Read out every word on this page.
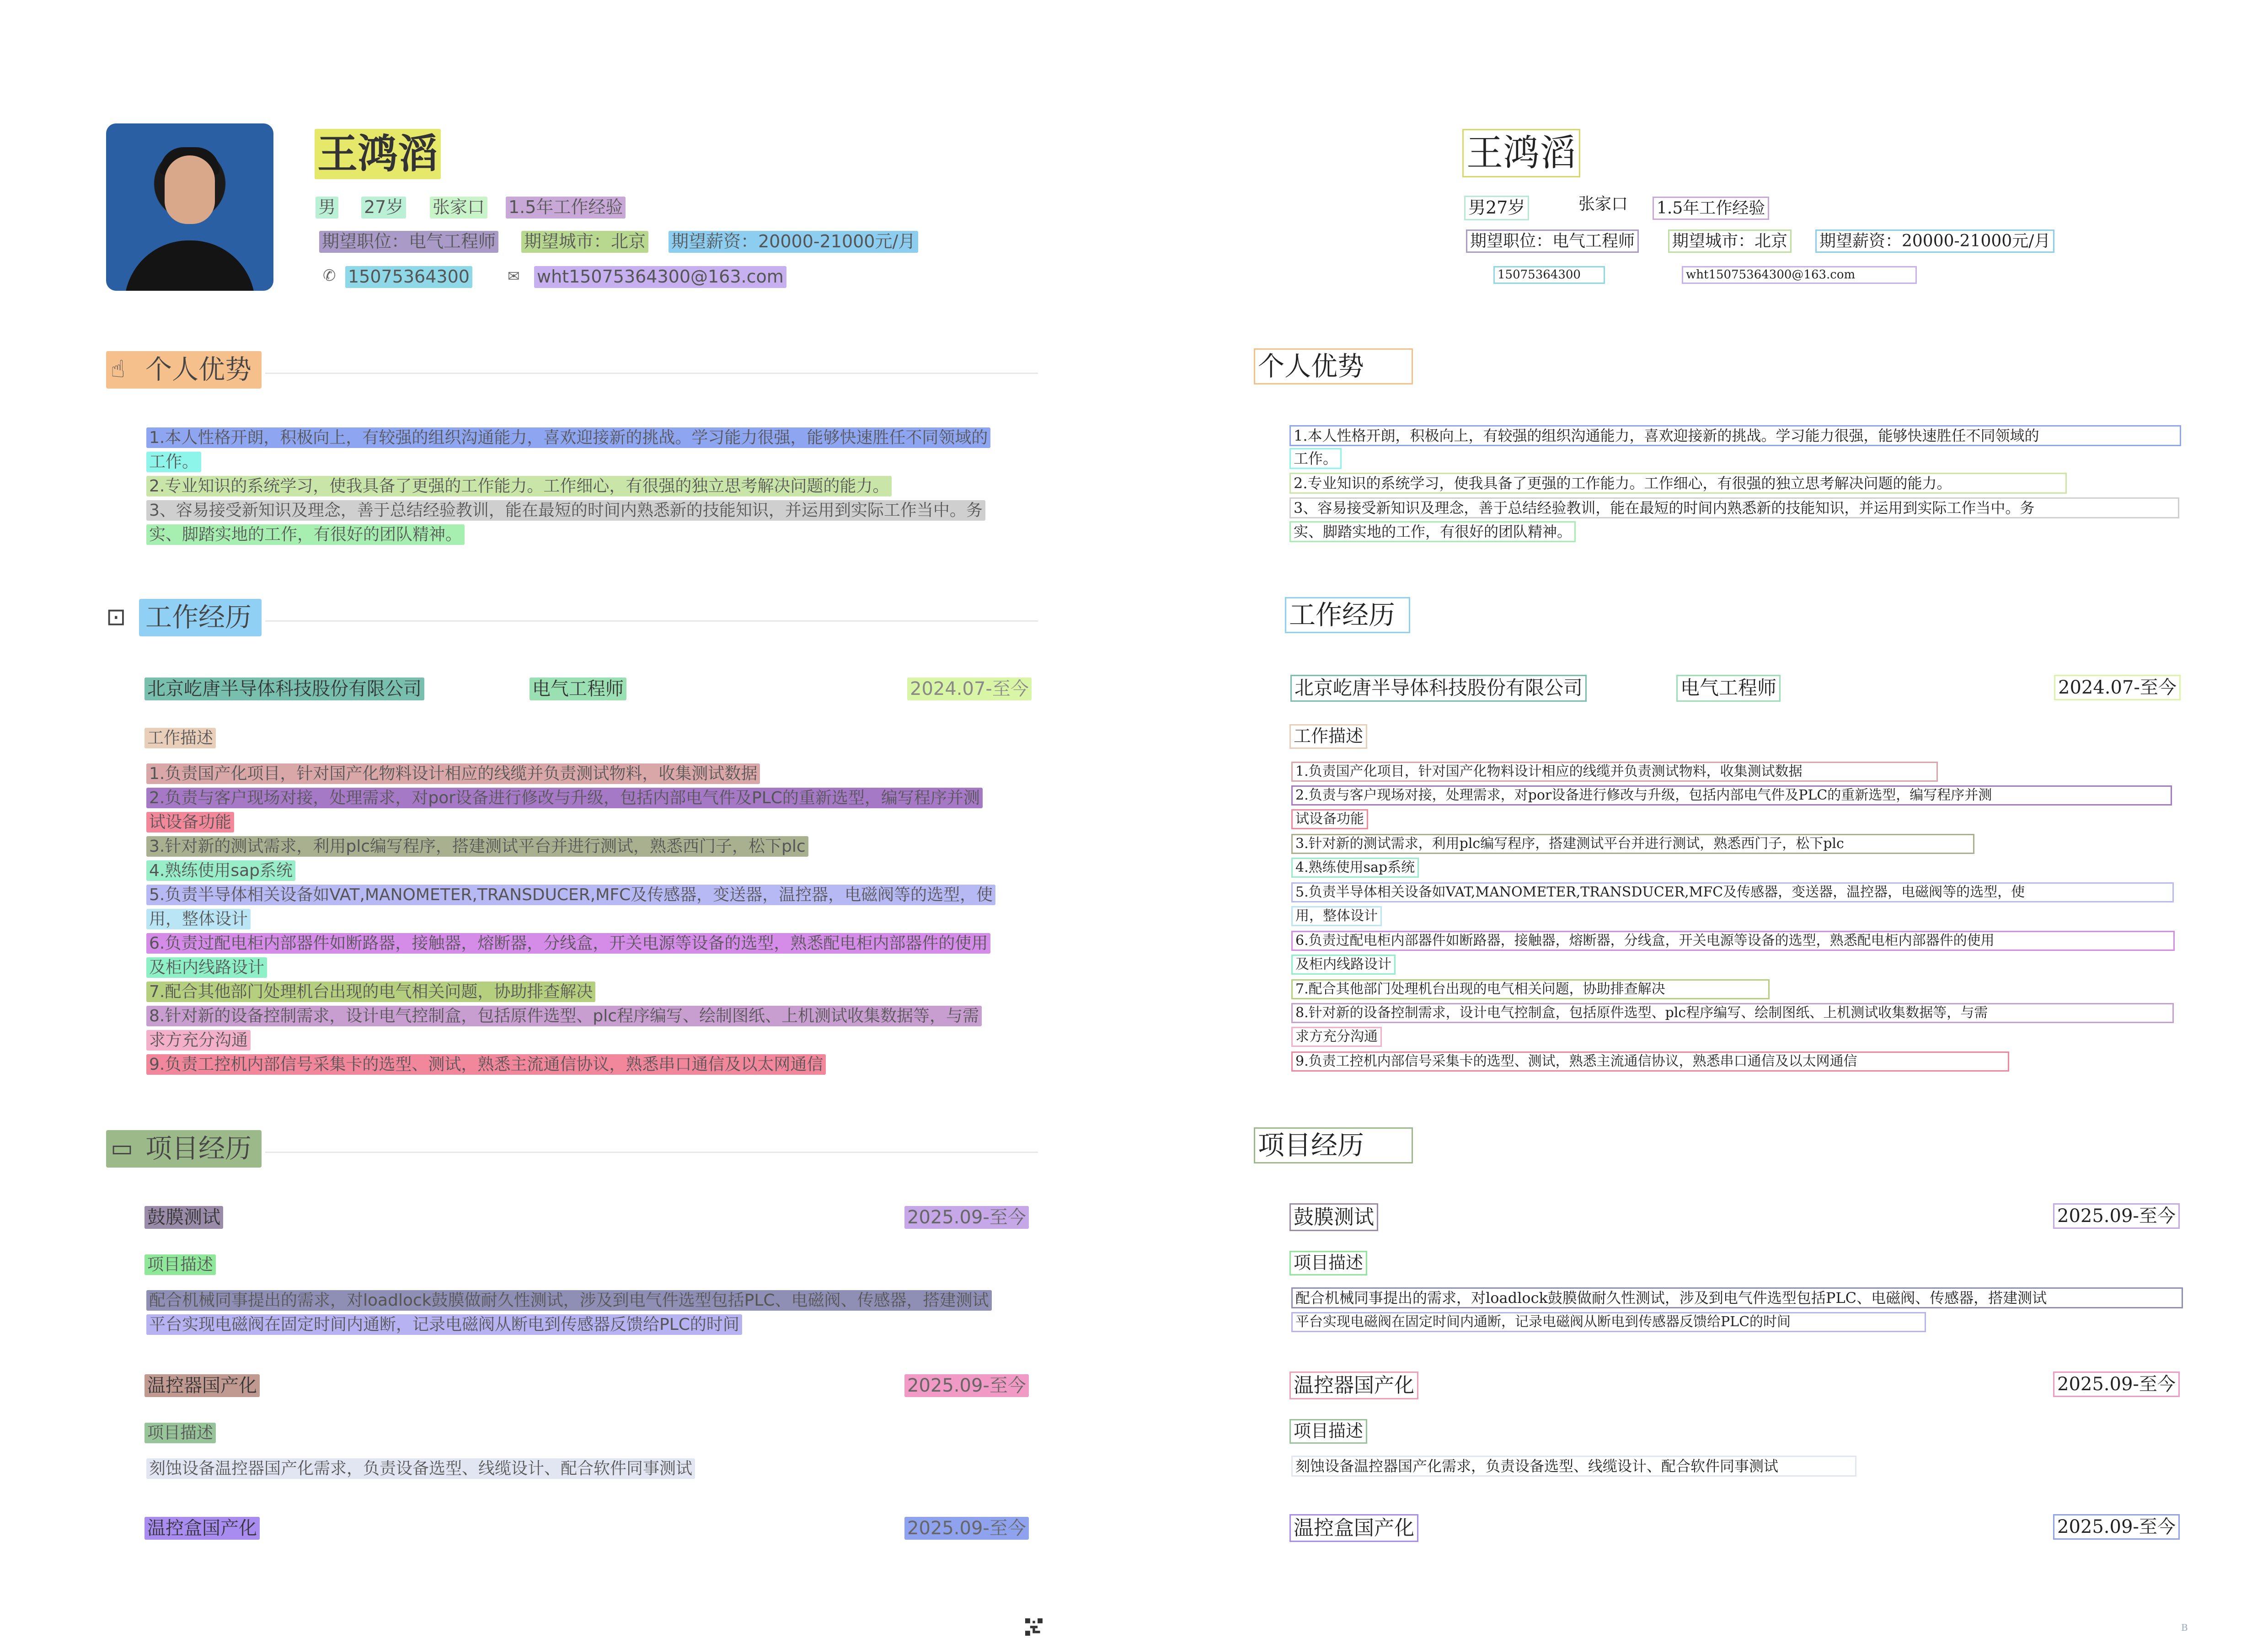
王鸿滔
男 27岁 张家口 1.5年工作经验
期望职位：电气工程师 期望城市：北京 期望薪资：20000-21000元/月
✆ 15075364300	✉ wht15075364300@163.com
☝ 个人优势
1.本人性格开朗，积极向上，有较强的组织沟通能力，喜欢迎接新的挑战。学习能力很强，能够快速胜任不同领域的
工作。
2.专业知识的系统学习，使我具备了更强的工作能力。工作细心，有很强的独立思考解决问题的能力。
3、容易接受新知识及理念，善于总结经验教训，能在最短的时间内熟悉新的技能知识，并运用到实际工作当中。务
实、脚踏实地的工作，有很好的团队精神。
⊡ 工作经历
北京屹唐半导体科技股份有限公司	电气工程师	2024.07-至今
工作描述
1.负责国产化项目，针对国产化物料设计相应的线缆并负责测试物料，收集测试数据
2.负责与客户现场对接，处理需求，对por设备进行修改与升级，包括内部电气件及PLC的重新选型，编写程序并测
试设备功能
3.针对新的测试需求，利用plc编写程序，搭建测试平台并进行测试，熟悉西门子，松下plc
4.熟练使用sap系统
5.负责半导体相关设备如VAT,MANOMETER,TRANSDUCER,MFC及传感器，变送器，温控器，电磁阀等的选型，使
用，整体设计
6.负责过配电柜内部器件如断路器，接触器，熔断器，分线盒，开关电源等设备的选型，熟悉配电柜内部器件的使用
及柜内线路设计
7.配合其他部门处理机台出现的电气相关问题，协助排查解决
8.针对新的设备控制需求，设计电气控制盒，包括原件选型、plc程序编写、绘制图纸、上机测试收集数据等，与需
求方充分沟通
9.负责工控机内部信号采集卡的选型、测试，熟悉主流通信协议，熟悉串口通信及以太网通信
▭ 项目经历
鼓膜测试	2025.09-至今
项目描述
配合机械同事提出的需求，对loadlock鼓膜做耐久性测试，涉及到电气件选型包括PLC、电磁阀、传感器，搭建测试
平台实现电磁阀在固定时间内通断，记录电磁阀从断电到传感器反馈给PLC的时间
温控器国产化	2025.09-至今
项目描述
刻蚀设备温控器国产化需求，负责设备选型、线缆设计、配合软件同事测试
温控盒国产化	2025.09-至今
王鸿滔
男27岁	张家口 1.5年工作经验
期望职位：电气工程师 期望城市：北京 期望薪资：20000-21000元/月
15075364300	wht15075364300@163.com
个人优势
1.本人性格开朗，积极向上，有较强的组织沟通能力，喜欢迎接新的挑战。学习能力很强，能够快速胜任不同领域的
工作。
2.专业知识的系统学习，使我具备了更强的工作能力。工作细心，有很强的独立思考解决问题的能力。
3、容易接受新知识及理念，善于总结经验教训，能在最短的时间内熟悉新的技能知识，并运用到实际工作当中。务
实、脚踏实地的工作，有很好的团队精神。
工作经历
北京屹唐半导体科技股份有限公司	电气工程师	2024.07-至今
工作描述
1.负责国产化项目，针对国产化物料设计相应的线缆并负责测试物料，收集测试数据
2.负责与客户现场对接，处理需求，对por设备进行修改与升级，包括内部电气件及PLC的重新选型，编写程序并测
试设备功能
3.针对新的测试需求，利用plc编写程序，搭建测试平台并进行测试，熟悉西门子，松下plc
4.熟练使用sap系统
5.负责半导体相关设备如VAT,MANOMETER,TRANSDUCER,MFC及传感器，变送器，温控器，电磁阀等的选型，使
用，整体设计
6.负责过配电柜内部器件如断路器，接触器，熔断器，分线盒，开关电源等设备的选型，熟悉配电柜内部器件的使用
及柜内线路设计
7.配合其他部门处理机台出现的电气相关问题，协助排查解决
8.针对新的设备控制需求，设计电气控制盒，包括原件选型、plc程序编写、绘制图纸、上机测试收集数据等，与需
求方充分沟通
9.负责工控机内部信号采集卡的选型、测试，熟悉主流通信协议，熟悉串口通信及以太网通信
项目经历
鼓膜测试	2025.09-至今
项目描述
配合机械同事提出的需求，对loadlock鼓膜做耐久性测试，涉及到电气件选型包括PLC、电磁阀、传感器，搭建测试
平台实现电磁阀在固定时间内通断，记录电磁阀从断电到传感器反馈给PLC的时间
温控器国产化	2025.09-至今
项目描述
刻蚀设备温控器国产化需求，负责设备选型、线缆设计、配合软件同事测试
温控盒国产化	2025.09-至今
B
